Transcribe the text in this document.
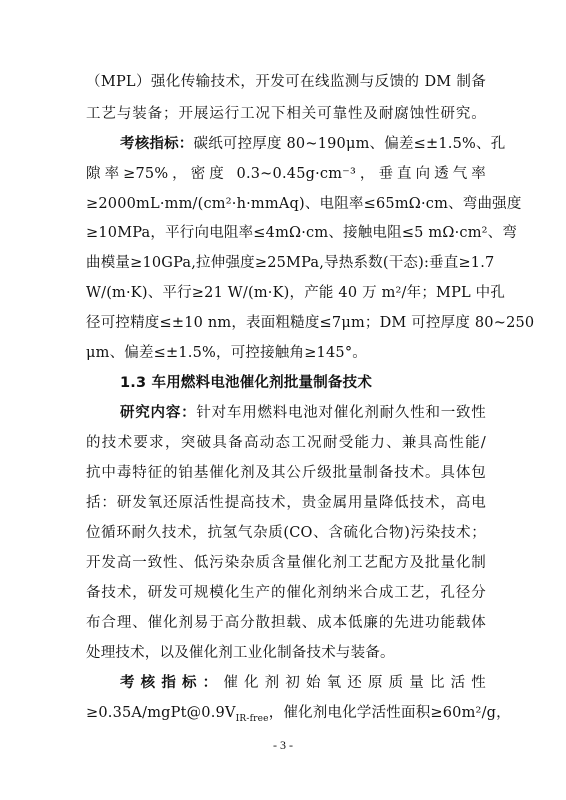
（MPL）强化传输技术，开发可在线监测与反馈的 DM 制备
工艺与装备；开展运行工况下相关可靠性及耐腐蚀性研究。
考核指标：碳纸可控厚度 80~190μm、偏差≤±1.5%、孔
隙率≥75%，密度 0.3~0.45g·cm⁻³，垂直向透气率
≥2000mL·mm/(cm²·h·mmAq)、电阻率≤65mΩ·cm、弯曲强度
≥10MPa，平行向电阻率≤4mΩ·cm、接触电阻≤5 mΩ·cm²、弯
曲模量≥10GPa,拉伸强度≥25MPa,导热系数(干态):垂直≥1.7
W/(m·K)、平行≥21 W/(m·K)，产能 40 万 m²/年；MPL 中孔
径可控精度≤±10 nm，表面粗糙度≤7μm；DM 可控厚度 80~250
μm、偏差≤±1.5%，可控接触角≥145°。
1.3 车用燃料电池催化剂批量制备技术
研究内容：针对车用燃料电池对催化剂耐久性和一致性
的技术要求，突破具备高动态工况耐受能力、兼具高性能/
抗中毒特征的铂基催化剂及其公斤级批量制备技术。具体包
括：研发氧还原活性提高技术，贵金属用量降低技术，高电
位循环耐久技术，抗氢气杂质(CO、含硫化合物)污染技术；
开发高一致性、低污染杂质含量催化剂工艺配方及批量化制
备技术，研发可规模化生产的催化剂纳米合成工艺，孔径分
布合理、催化剂易于高分散担载、成本低廉的先进功能载体
处理技术，以及催化剂工业化制备技术与装备。
考核指标：催化剂初始氧还原质量比活性
$\ge 0.35A/mgPt@0.9V_{IR-free}$，催化剂电化学活性面积≥60m²/g，
- 3 -
